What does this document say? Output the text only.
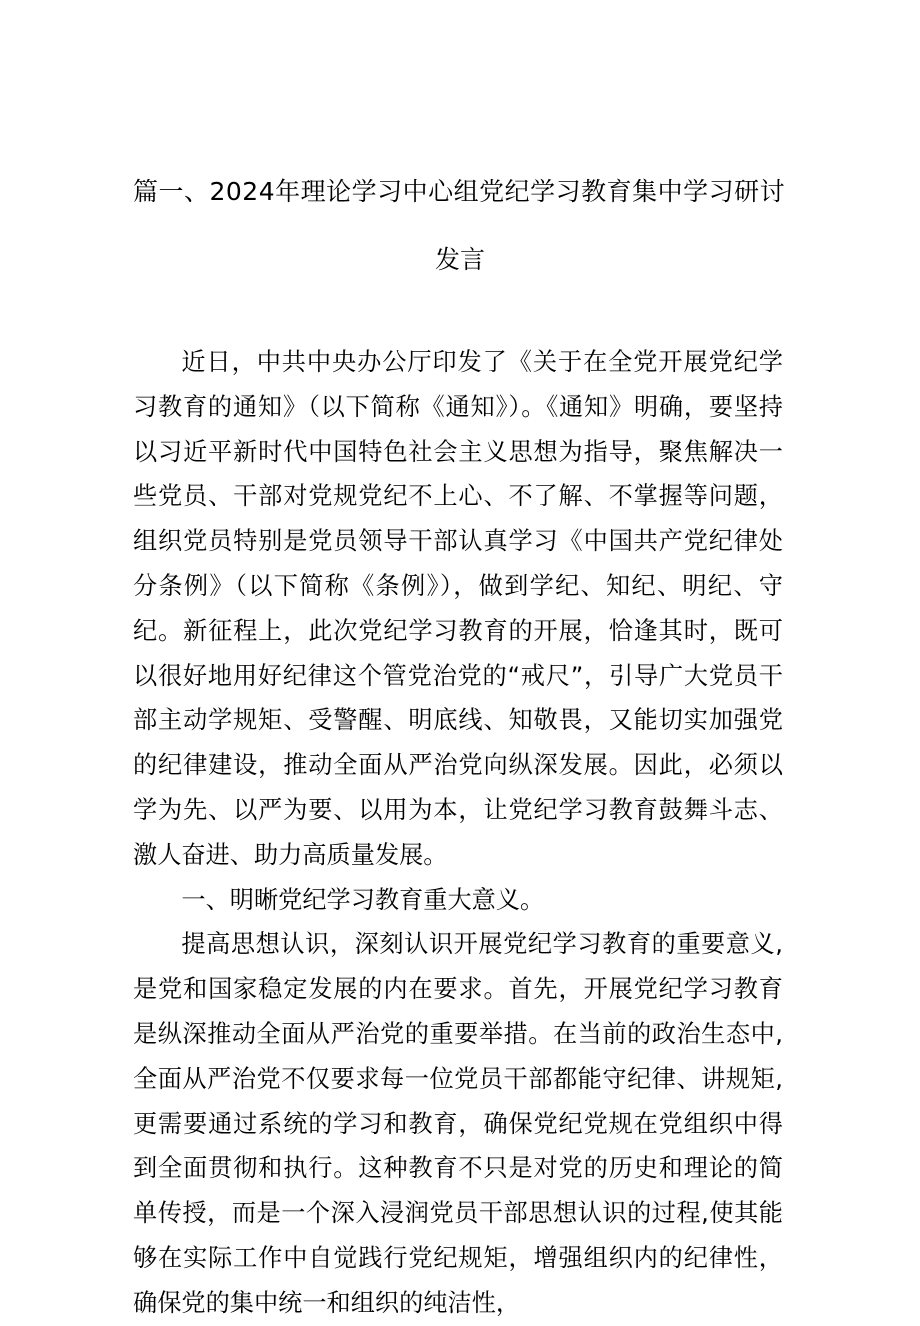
篇一、2024年理论学习中心组党纪学习教育集中学习研讨
发言

近日，中共中央办公厅印发了《关于在全党开展党纪学习教育的通知》（以下简称《通知》）。《通知》明确，要坚持以习近平新时代中国特色社会主义思想为指导，聚焦解决一些党员、干部对党规党纪不上心、不了解、不掌握等问题，组织党员特别是党员领导干部认真学习《中国共产党纪律处分条例》（以下简称《条例》），做到学纪、知纪、明纪、守纪。新征程上，此次党纪学习教育的开展，恰逢其时，既可以很好地用好纪律这个管党治党的“戒尺”，引导广大党员干部主动学规矩、受警醒、明底线、知敬畏，又能切实加强党的纪律建设，推动全面从严治党向纵深发展。因此，必须以学为先、以严为要、以用为本，让党纪学习教育鼓舞斗志、激人奋进、助力高质量发展。

一、明晰党纪学习教育重大意义。

提高思想认识，深刻认识开展党纪学习教育的重要意义,是党和国家稳定发展的内在要求。首先，开展党纪学习教育是纵深推动全面从严治党的重要举措。在当前的政治生态中,全面从严治党不仅要求每一位党员干部都能守纪律、讲规矩,更需要通过系统的学习和教育，确保党纪党规在党组织中得到全面贯彻和执行。这种教育不只是对党的历史和理论的简单传授，而是一个深入浸润党员干部思想认识的过程,使其能够在实际工作中自觉践行党纪规矩，增强组织内的纪律性，确保党的集中统一和组织的纯洁性，
